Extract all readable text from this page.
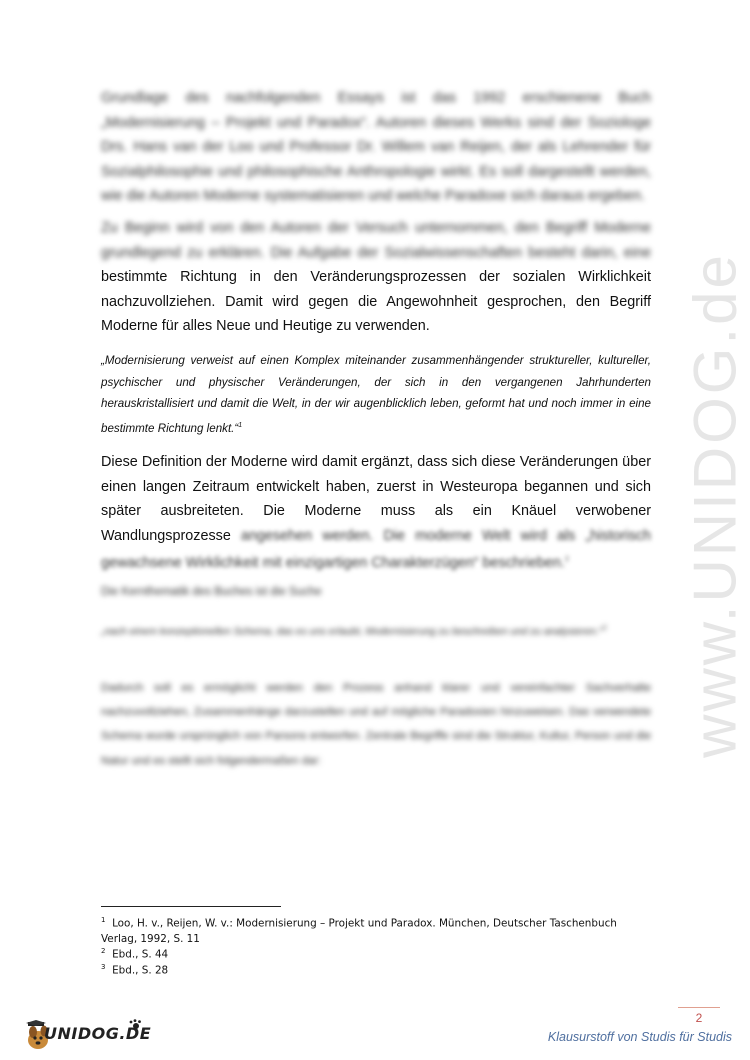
www.UNIDOG.de
Grundlage des nachfolgenden Essays ist das 1992 erschienene Buch „Modernisierung – Projekt und Paradox“. Autoren dieses Werks sind der Soziologe Drs. Hans van der Loo und Professor Dr. Willem van Reijen, der als Lehrender für Sozialphilosophie und philosophische Anthropologie wirkt. Es soll dargestellt werden, wie die Autoren Moderne systematisieren und welche Paradoxe sich daraus ergeben.
Zu Beginn wird von den Autoren der Versuch unternommen, den Begriff Moderne grundlegend zu erklären. Die Aufgabe der Sozialwissenschaften besteht darin, eine bestimmte Richtung in den Veränderungsprozessen der sozialen Wirklichkeit nachzuvollziehen. Damit wird gegen die Angewohnheit gesprochen, den Begriff Moderne für alles Neue und Heutige zu verwenden.
„Modernisierung verweist auf einen Komplex miteinander zusammenhängender struktureller, kultureller, psychischer und physischer Veränderungen, der sich in den vergangenen Jahrhunderten herauskristallisiert und damit die Welt, in der wir augenblicklich leben, geformt hat und noch immer in eine bestimmte Richtung lenkt.“$^1$
Diese Definition der Moderne wird damit ergänzt, dass sich diese Veränderungen über einen langen Zeitraum entwickelt haben, zuerst in Westeuropa begannen und sich später ausbreiteten. Die Moderne muss als ein Knäuel verwobener Wandlungsprozesse angesehen werden. Die moderne Welt wird als „historisch gewachsene Wirklichkeit mit einzigartigen Charakterzügen“ beschrieben.$^2$
Die Kernthematik des Buches ist die Suche
„nach einem konzeptionellen Schema, das es uns erlaubt, Modernisierung zu beschreiben und zu analysieren.“$^3$
Dadurch soll es ermöglicht werden den Prozess anhand klarer und vereinfachter Sachverhalte nachzuvollziehen, Zusammenhänge darzustellen und auf mögliche Paradoxien hinzuweisen. Das verwendete Schema wurde ursprünglich von Parsons entworfen. Zentrale Begriffe sind die Struktur, Kultur, Person und die Natur und es stellt sich folgendermaßen dar:
$^1$ Loo, H. v., Reijen, W. v.: Modernisierung – Projekt und Paradox. München, Deutscher Taschenbuch Verlag, 1992, S. 11
$^2$ Ebd., S. 44
$^3$ Ebd., S. 28
2
UNIDOG.DE	Klausurstoff von Studis für Studis
